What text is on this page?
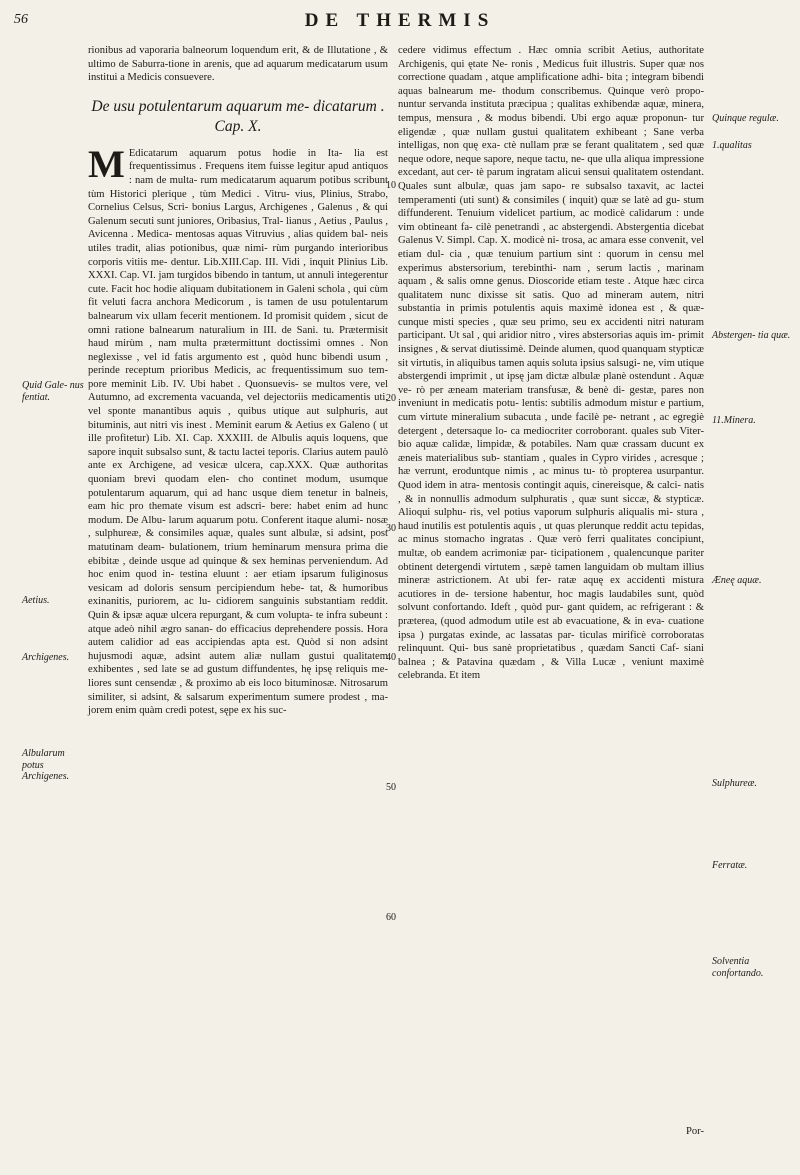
56	DE THERMIS
Quid Gale- nus fentiat.
Aetius.
Archigenes.
Albularum potus Archigenes.
10
20
30
40
50
60

rionibus ad vaporaria balneorum loquendum erit, & de Illutatione , & ultimo de Saburra-tione in arenis, que ad aquarum medicatarum usum institui a Medicis consuevere.

De usu potulentarum aquarum me- dicatarum . Cap. X.

M Edicatarum aquarum potus hodie in Ita- lia est frequentissimus . Frequens item fuisse legitur apud antiquos : nam de multa- rum medicatarum aquarum potibus scribunt tùm Historici plerique , tùm Medici . Vitru- vius, Plinius, Strabo, Cornelius Celsus, Scri- bonius Largus, Archigenes , Galenus , & qui Galenum secuti sunt juniores, Oribasius, Tral- lianus , Aetius , Paulus , Avicenna . Medica- mentosas aquas Vitruvius , alias quidem bal- neis utiles tradit, alias potionibus, quæ nimi- rùm purgando interioribus corporis vitiis me- dentur. Lib.XIII.Cap. III. Vidi , inquit Plinius Lib. XXXI. Cap. VI. jam turgidos bibendo in tantum, ut annuli integerentur cute. Facit hoc hodie aliquam dubitationem in Galeni schola , qui cùm fit veluti facra anchora Medicorum , is tamen de usu potulentarum balnearum vix ullam fecerit mentionem. Id promisit quidem , sicut de omni ratione balnearum naturalium in III. de Sani. tu. Prætermisit haud mirùm , nam multa prætermittunt doctissimi omnes . Non neglexisse , vel id fatis argumento est , quòd hunc bibendi usum , perinde receptum prioribus Medicis, ac frequentissimum suo tem- pore meminit Lib. IV. Ubi habet . Quonsuevis- se multos vere, vel Autumno, ad excrementa vacuanda, vel dejectoriis medicamentis uti, vel sponte manantibus aquis , quibus utique aut sulphuris, aut bituminis, aut nitri vis inest . Meminit earum & Aetius ex Galeno ( ut ille profitetur) Lib. XI. Cap. XXXIII. de Albulis aquis loquens, que sapore inquit subsalso sunt, & tactu lactei teporis. Clarius autem paulò ante ex Archigene, ad vesicæ ulcera, cap.XXX. Quæ authoritas quoniam brevi quodam elen- cho continet modum, usumque potulentarum aquarum, qui ad hanc usque diem tenetur in balneis, eam hic pro themate visum est adscri- bere: habet enim ad hunc modum. De Albu- larum aquarum potu. Conferent itaque alumi- nosæ , sulphureæ, & consimiles aquæ, quales sunt albulæ, si adsint, post matutinam deam- bulationem, trium heminarum mensura prima die ebibitæ , deinde usque ad quinque & sex heminas perveniendum. Ad hoc enim quod in- testina eluunt : aer etiam ipsarum fuliginosus vesicam ad doloris sensum percipiendum hebe- tat, & humoribus exinanitis, puriorem, ac lu- cidiorem sanguinis substantiam reddit. Quin & ipsæ aquæ ulcera repurgant, & cum volupta- te infra subeunt : atque adeò nihil ægro sanan- do efficacius deprehendere possis. Hora autem calidior ad eas accipiendas apta est. Quòd si non adsint hujusmodi aquæ, adsint autem aliæ nullam gustui qualitatem exhibentes , sed late se ad gustum diffundentes, hę ipsę reliquis me- liores sunt censendæ , & proximo ab eis loco bituminosæ. Nitrosarum similiter, si adsint, & salsarum experimentum sumere prodest , ma- jorem enim quàm credi potest, sępe ex his suc-

cedere vidimus effectum . Hæc omnia scribit Aetius, authoritate Archigenis, qui ętate Ne- ronis , Medicus fuit illustris. Super quæ nos correctione quadam , atque amplificatione adhi- bita ; integram bibendi aquas balnearum me- thodum conscribemus. Quinque verò propo- nuntur servanda instituta præcipua ; qualitas exhibendæ aquæ, minera, tempus, mensura , & modus bibendi. Ubi ergo aquæ proponun- tur eligendæ , quæ nullam gustui qualitatem exhibeant ; Sane verba intelligas, non quę exa- ctè nullam præ se ferant qualitatem , sed quæ neque odore, neque sapore, neque tactu, ne- que ulla aliqua impressione excedant, aut cer- tè parum ingratam alicui sensui qualitatem ostendant. Quales sunt albulæ, quas jam sapo- re subsalso taxavit, ac lactei temperamenti (uti sunt) & consimiles ( inquit) quæ se latè ad gu- stum diffunderent. Tenuium videlicet partium, ac modicè calidarum : unde vim obtineant fa- cilè penetrandi , ac abstergendi. Abstergentia dicebat Galenus V. Simpl. Cap. X. modicè ni- trosa, ac amara esse convenit, vel etiam dul- cia , quæ tenuium partium sint : quorum in censu mel experimus abstersorium, terebinthi- nam , serum lactis , marinam aquam , & salis omne genus. Dioscoride etiam teste . Atque hæc circa qualitatem nunc dixisse sit satis. Quo ad mineram autem, nitri substantia in primis potulentis aquis maximè idonea est , & quæ- cunque misti species , quæ seu primo, seu ex accidenti nitri naturam participant. Ut sal , qui aridior nitro , vires abstersorias aquis im- primit insignes , & servat diutissimè. Deinde alumen, quod quanquam stypticæ sit virtutis, in aliquibus tamen aquis soluta ipsius salsugi- ne, vim utique abstergendi imprimit , ut ipsę jam dictæ albulæ planè ostendunt . Aquæ ve- rò per æneam materiam transfusæ, & benè di- gestæ, pares non inveniunt in medicatis potu- lentis: subtilis admodum mistur e partium, cum virtute mineralium subacuta , unde facilè pe- netrant , ac egregiè detergent , detersaque lo- ca mediocriter corroborant. quales sub Viter- bio aquæ calidæ, limpidæ, & potabiles. Nam quæ crassam ducunt ex æneis materialibus sub- stantiam , quales in Cypro virides , acresque ; hæ verrunt, eroduntque nimis , ac minus tu- tò propterea usurpantur. Quod idem in atra- mentosis contingit aquis, cinereisque, & calci- natis , & in nonnullis admodum sulphuratis , quæ sunt siccæ, & stypticæ. Alioqui sulphu- ris, vel potius vaporum sulphuris aliqualis mi- stura , haud inutilis est potulentis aquis , ut quas plerunque reddit actu tepidas, ac minus stomacho ingratas . Quæ verò ferri qualitates concipiunt, multæ, ob eandem acrimoniæ par- ticipationem , qualencunque pariter obtinent detergendi virtutem , sæpè tamen languidam ob multam illius mineræ astrictionem. At ubi fer- ratæ aquę ex accidenti mistura acutiores in de- tersione habentur, hoc magis laudabiles sunt, quòd solvunt confortando. Ideft , quòd pur- gant quidem, ac refrigerant : & præterea, (quod admodum utile est ab evacuatione, & in eva- cuatione ipsa ) purgatas exinde, ac lassatas par- ticulas mirificè corroboratas relinquunt. Qui- bus sanè proprietatibus , quædam Sancti Caf- siani balnea ; & Patavina quædam , & Villa Lucæ , veniunt maximè celebranda. Et item

Quinque regulæ.
1.qualitas
Abstergen- tia quæ.
11.Minera.
Æneę aquæ.
Sulphureæ.
Ferratæ.
Solventia confortando.
Por-
